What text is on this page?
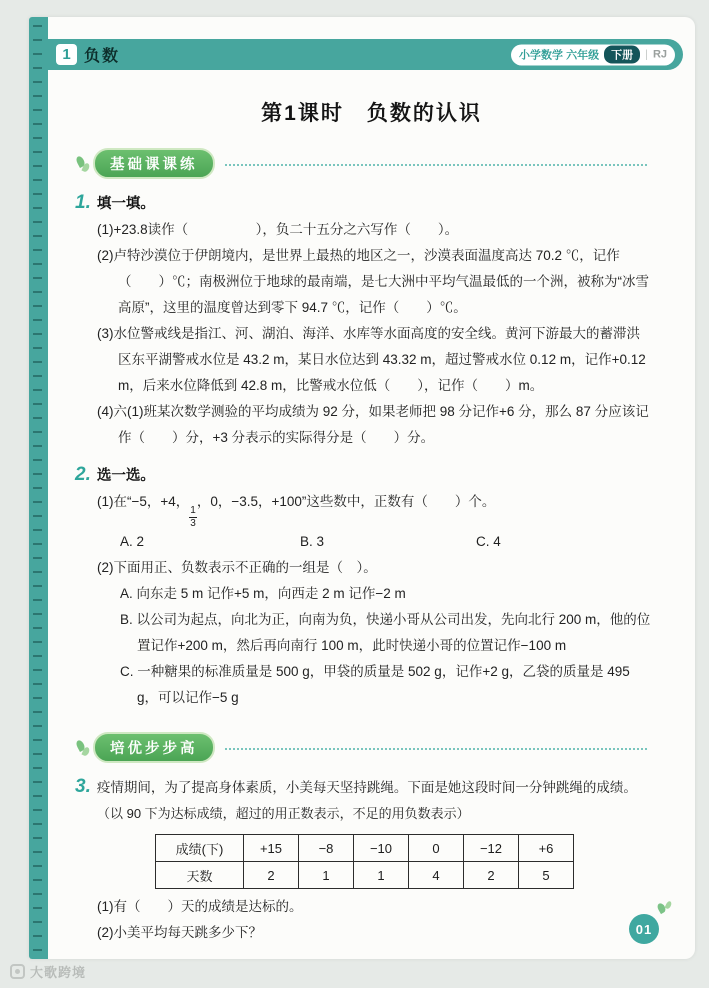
1 负数	小学数学 六年级	下册	| RJ
第1课时　负数的认识
基础课课练
1. 填一填。

(1)+23.8读作（　　　　　），负二十五分之六写作（　　）。

(2)卢特沙漠位于伊朗境内，是世界上最热的地区之一，沙漠表面温度高达 70.2 ℃，记作（　　）℃；南极洲位于地球的最南端，是七大洲中平均气温最低的一个洲，被称为“冰雪高原”，这里的温度曾达到零下 94.7 ℃，记作（　　）℃。

(3)水位警戒线是指江、河、湖泊、海洋、水库等水面高度的安全线。黄河下游最大的蓄滞洪区东平湖警戒水位是 43.2 m，某日水位达到 43.32 m，超过警戒水位 0.12 m，记作+0.12 m，后来水位降低到 42.8 m，比警戒水位低（　　），记作（　　）m。

(4)六(1)班某次数学测验的平均成绩为 92 分，如果老师把 98 分记作+6 分，那么 87 分应该记作（　　）分，+3 分表示的实际得分是（　　）分。

2. 选一选。

(1)在“−5，+4，
$\frac{1}{3}$
，0，−3.5，+100”这些数中，正数有（　　）个。

A. 2	B. 3	C. 4

(2)下面用正、负数表示不正确的一组是（　）。

A. 向东走 5 m 记作+5 m，向西走 2 m 记作−2 m

B. 以公司为起点，向北为正，向南为负，快递小哥从公司出发，先向北行 200 m，他的位置记作+200 m，然后再向南行 100 m，此时快递小哥的位置记作−100 m

C. 一种糖果的标准质量是 500 g，甲袋的质量是 502 g，记作+2 g，乙袋的质量是 495 g，可以记作−5 g

培优步步高
3. 疫情期间，为了提高身体素质，小美每天坚持跳绳。下面是她这段时间一分钟跳绳的成绩。

（以 90 下为达标成绩，超过的用正数表示，不足的用负数表示）

成绩(下)	+15	−8	−10	0	−12	+6
天数	2	1	1	4	2	5

(1)有（　　）天的成绩是达标的。

(2)小美平均每天跳多少下？	01
大歌跨境
